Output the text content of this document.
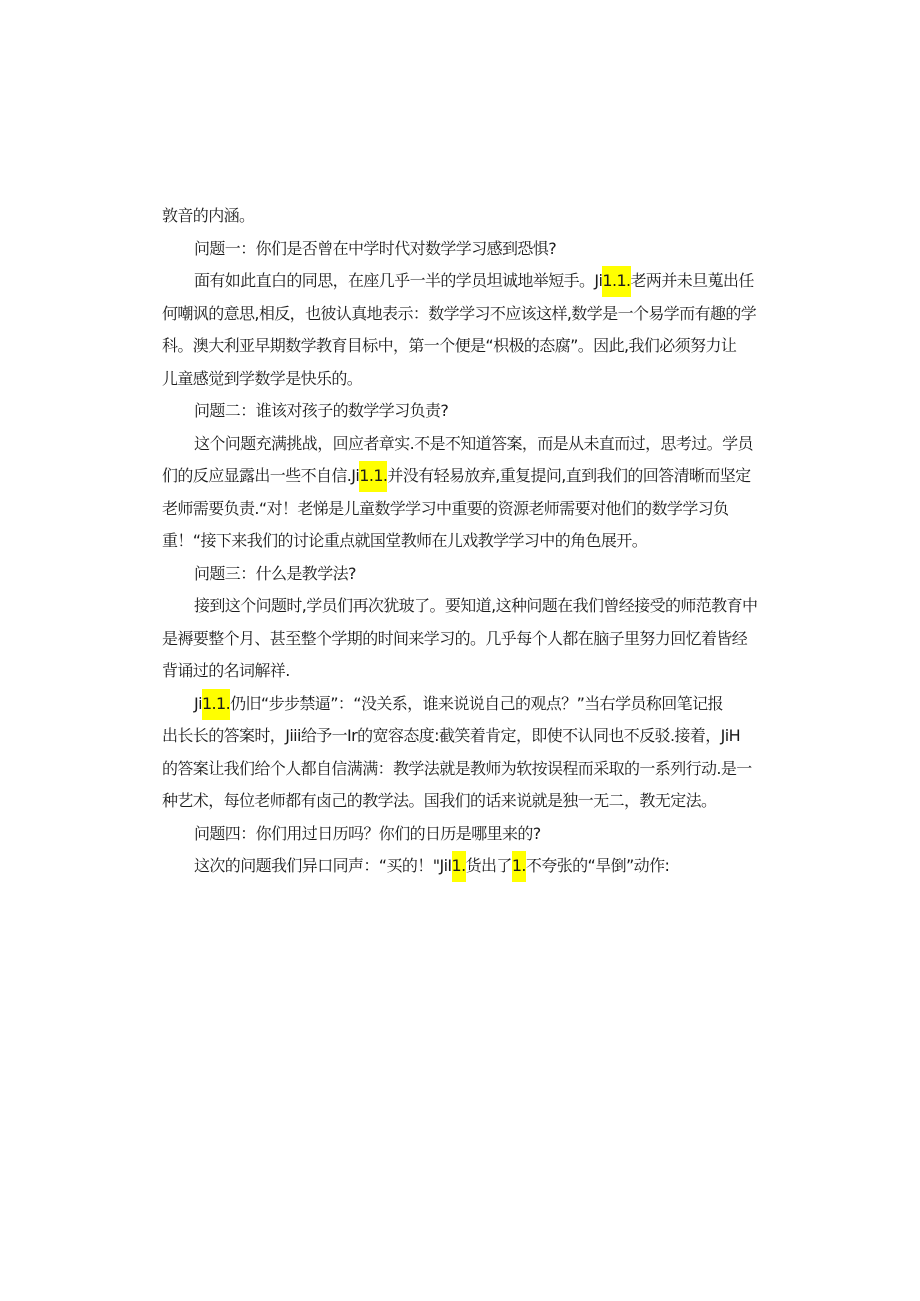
敦音的内涵。
问题一：你们是否曾在中学时代对数学学习感到恐惧?
面有如此直白的同思，在座几乎一半的学员坦诚地举短手。Ji1.1.老两并未旦蒐出任
何嘲讽的意思,相反，也彼认真地表示：数学学习不应该这样,数学是一个易学而有趣的学
科。澳大利亚早期数学教育目标中，第一个便是“枳极的态腐”。因此,我们必须努力让
儿童感觉到学数学是快乐的。
问题二：谁该对孩子的数学学习负责?
这个问题充满挑战，回应者章实.不是不知道答案，而是从未直而过，思考过。学员
们的反应显露出一些不自信.Ji1.1.并没有轻易放弃,重复提问,直到我们的回答清晰而坚定
老师需要负责.“对！老悌是儿童数学学习中重要的资源老师需要对他们的数学学习负
重！“接下来我们的讨论重点就国堂教师在儿戏教学学习中的角色展开。
问题三：什么是教学法?
接到这个问题时,学员们再次犹玻了。要知道,这种问题在我们曾经接受的师范教育中
是褥要整个月、甚至整个学期的时间来学习的。几乎每个人都在脑子里努力回忆着皆经
背诵过的名词解祥.
Ji1.1.仍旧“步步禁逼”：“没关系，谁来说说自己的观点？”当右学员称回笔记报
出长长的答案时，Jiii给予一Ir的宽容态度:截笑着肯定，即使不认同也不反驳.接着，JiH
的答案让我们给个人都自信满满：教学法就是教师为软按误程而采取的一系列行动.是一
种艺术，每位老师都有卤己的教学法。国我们的话来说就是独一无二，教无定法。
问题四：你们用过日历吗？你们的日历是哪里来的?
这次的问题我们异口同声：“买的！"JiI1.货出了1.不夸张的“旱倒”动作:
